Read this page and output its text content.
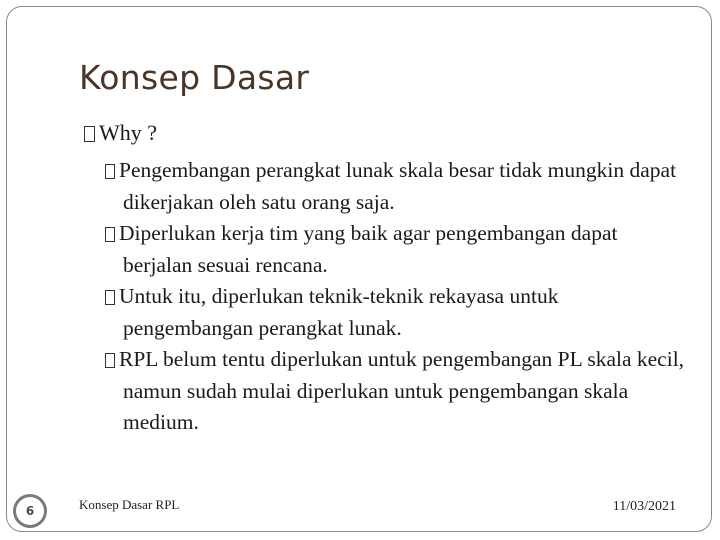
Konsep Dasar
Why ?
Pengembangan perangkat lunak skala besar tidak mungkin dapat dikerjakan oleh satu orang saja.
Diperlukan kerja tim yang baik agar pengembangan dapat berjalan sesuai rencana.
Untuk itu, diperlukan teknik-teknik rekayasa untuk pengembangan perangkat lunak.
RPL belum tentu diperlukan untuk pengembangan PL skala kecil, namun sudah mulai diperlukan untuk pengembangan skala medium.
6	Konsep Dasar RPL	11/03/2021
